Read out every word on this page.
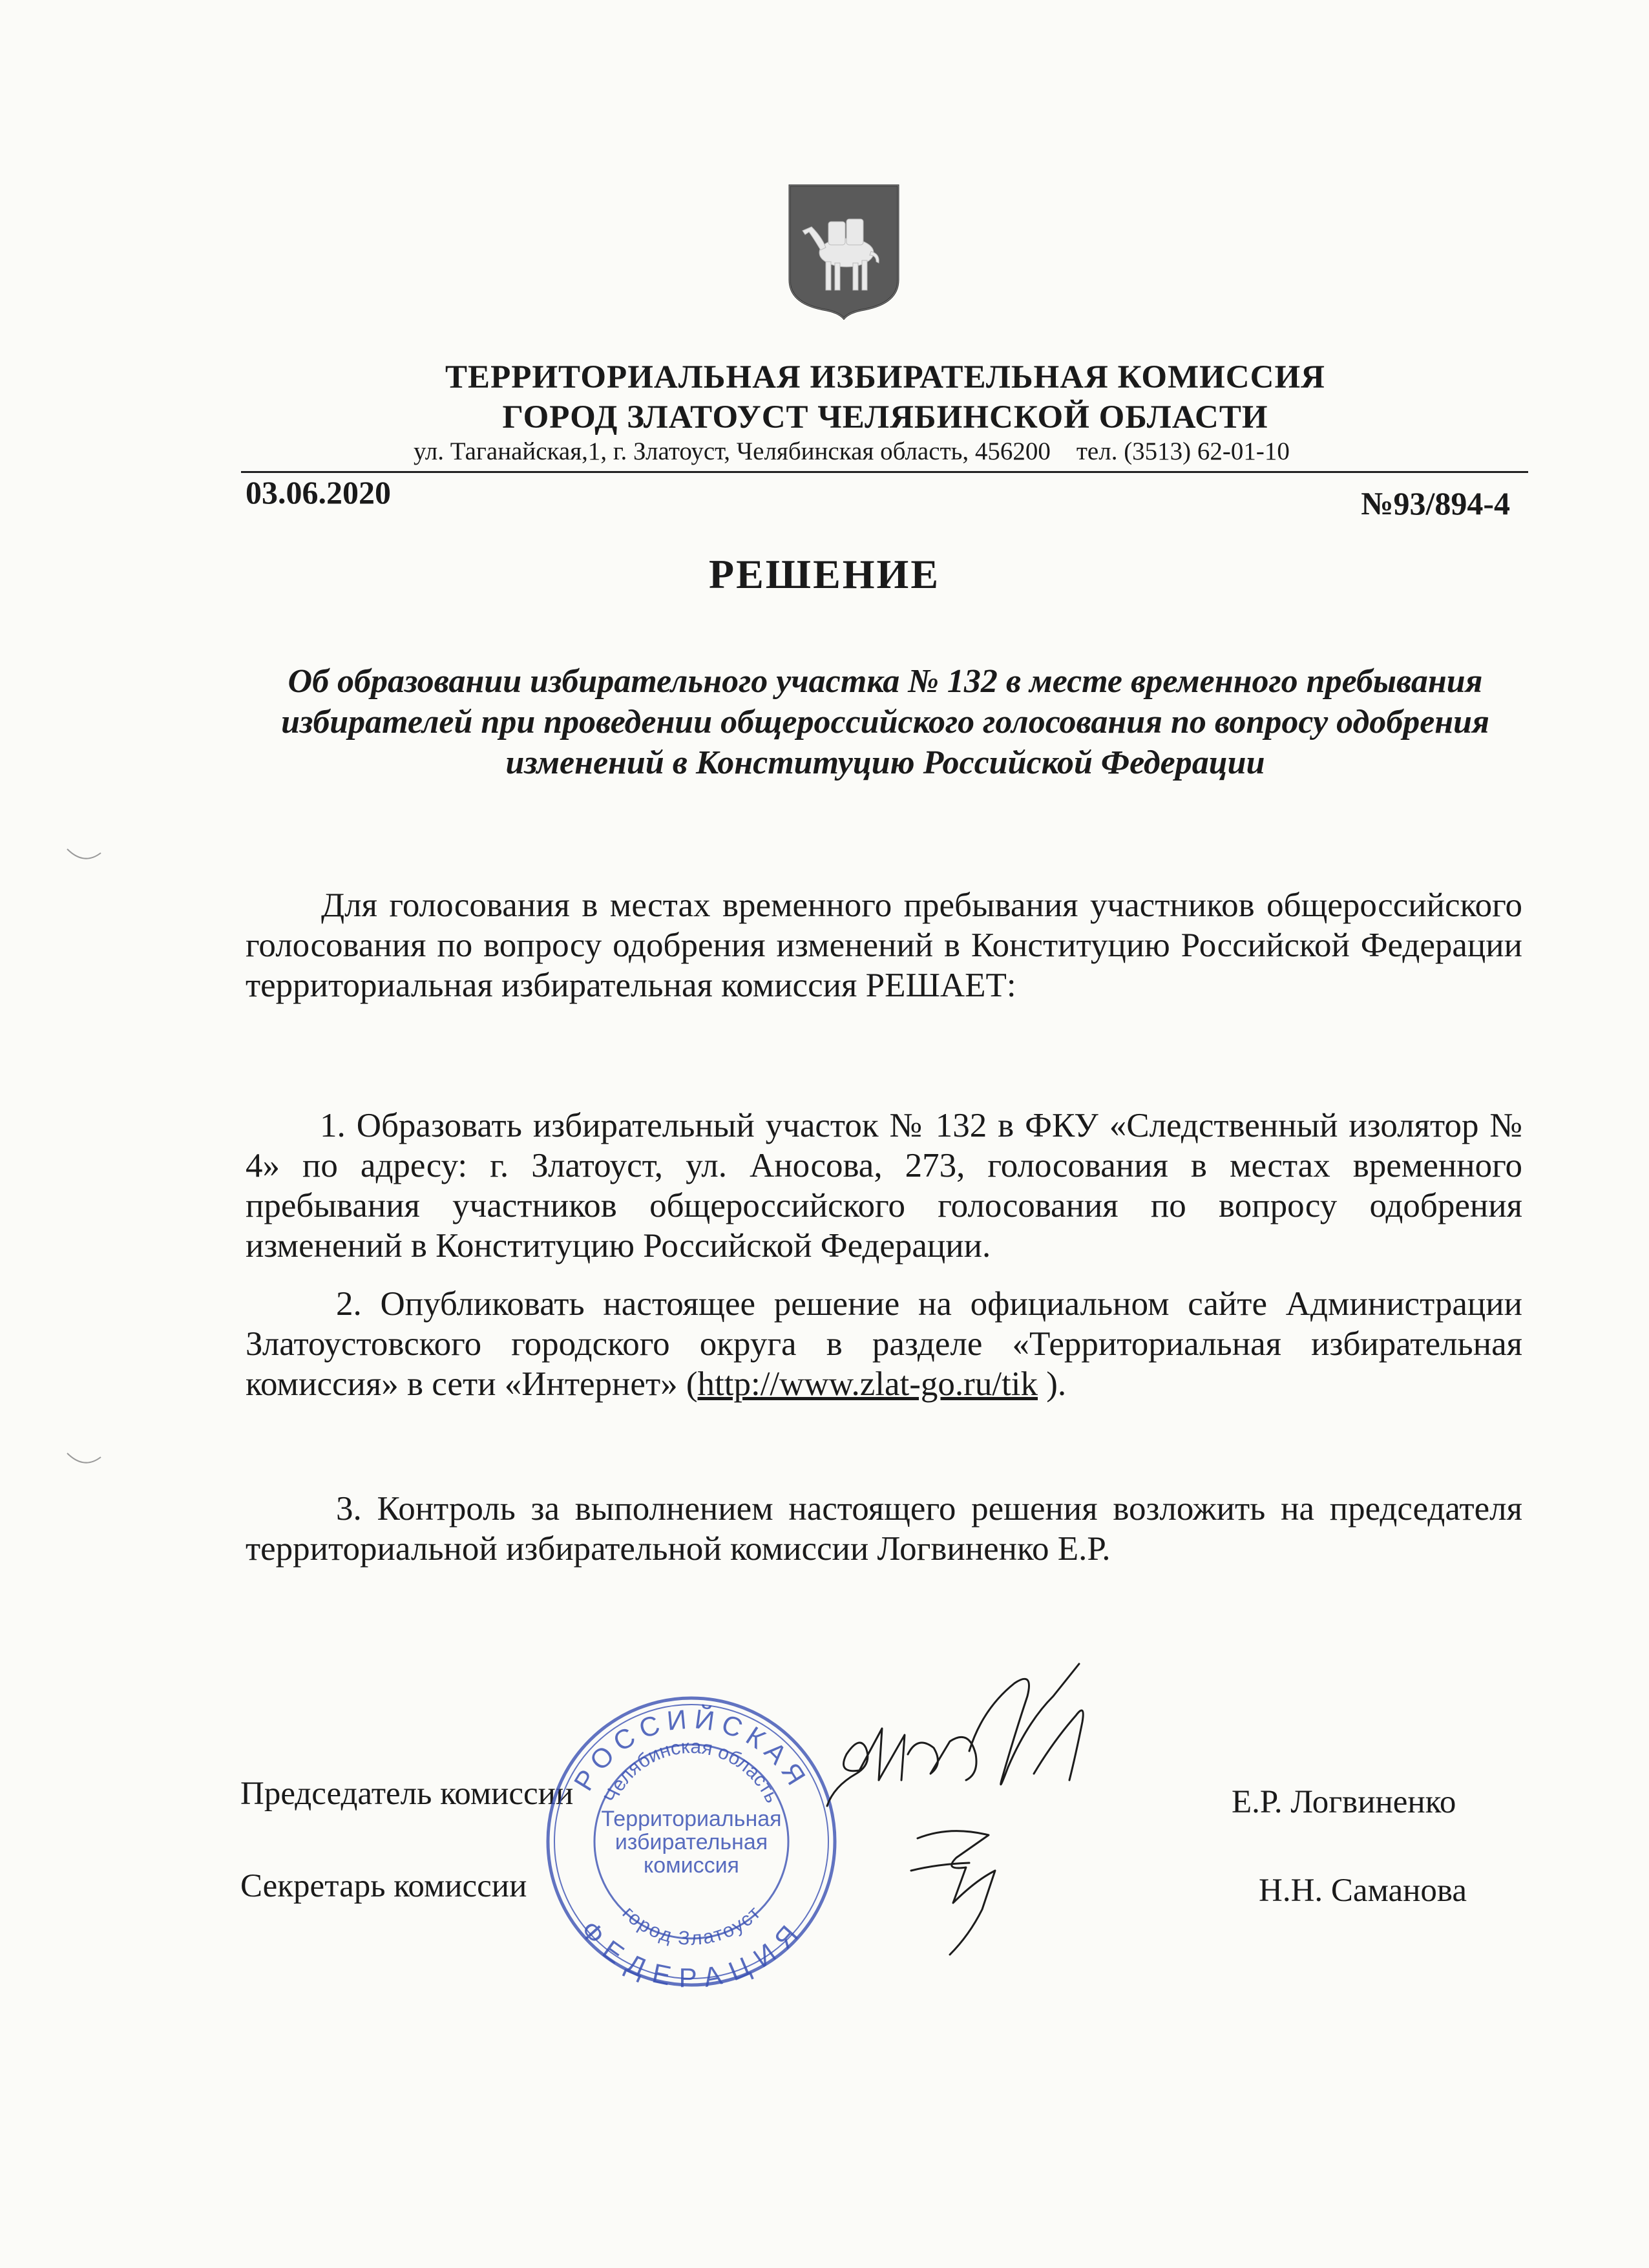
ТЕРРИТОРИАЛЬНАЯ ИЗБИРАТЕЛЬНАЯ КОМИССИЯ
ГОРОД ЗЛАТОУСТ ЧЕЛЯБИНСКОЙ ОБЛАСТИ
ул. Таганайская,1, г. Златоуст, Челябинская область, 456200 тел. (3513) 62-01-10
03.06.2020	№93/894-4
РЕШЕНИЕ
Об образовании избирательного участка № 132 в месте временного пребывания избирателей при проведении общероссийского голосования по вопросу одобрения изменений в Конституцию Российской Федерации
Для голосования в местах временного пребывания участников общероссийского голосования по вопросу одобрения изменений в Конституцию Российской Федерации территориальная избирательная комиссия РЕШАЕТ:
1. Образовать избирательный участок № 132 в ФКУ «Следственный изолятор № 4» по адресу: г. Златоуст, ул. Аносова, 273, голосования в местах временного пребывания участников общероссийского голосования по вопросу одобрения изменений в Конституцию Российской Федерации.
2. Опубликовать настоящее решение на официальном сайте Администрации Златоустовского городского округа в разделе «Территориальная избирательная комиссия» в сети «Интернет» (http://www.zlat-go.ru/tik ).
3. Контроль за выполнением настоящего решения возложить на председателя территориальной избирательной комиссии Логвиненко Е.Р.
Председатель комиссии
Секретарь комиссии
Е.Р. Логвиненко
Н.Н. Саманова
РОССИЙСКАЯ
ФЕДЕРАЦИЯ
Челябинская область
город Златоуст
Территориальная
избирательная
комиссия
